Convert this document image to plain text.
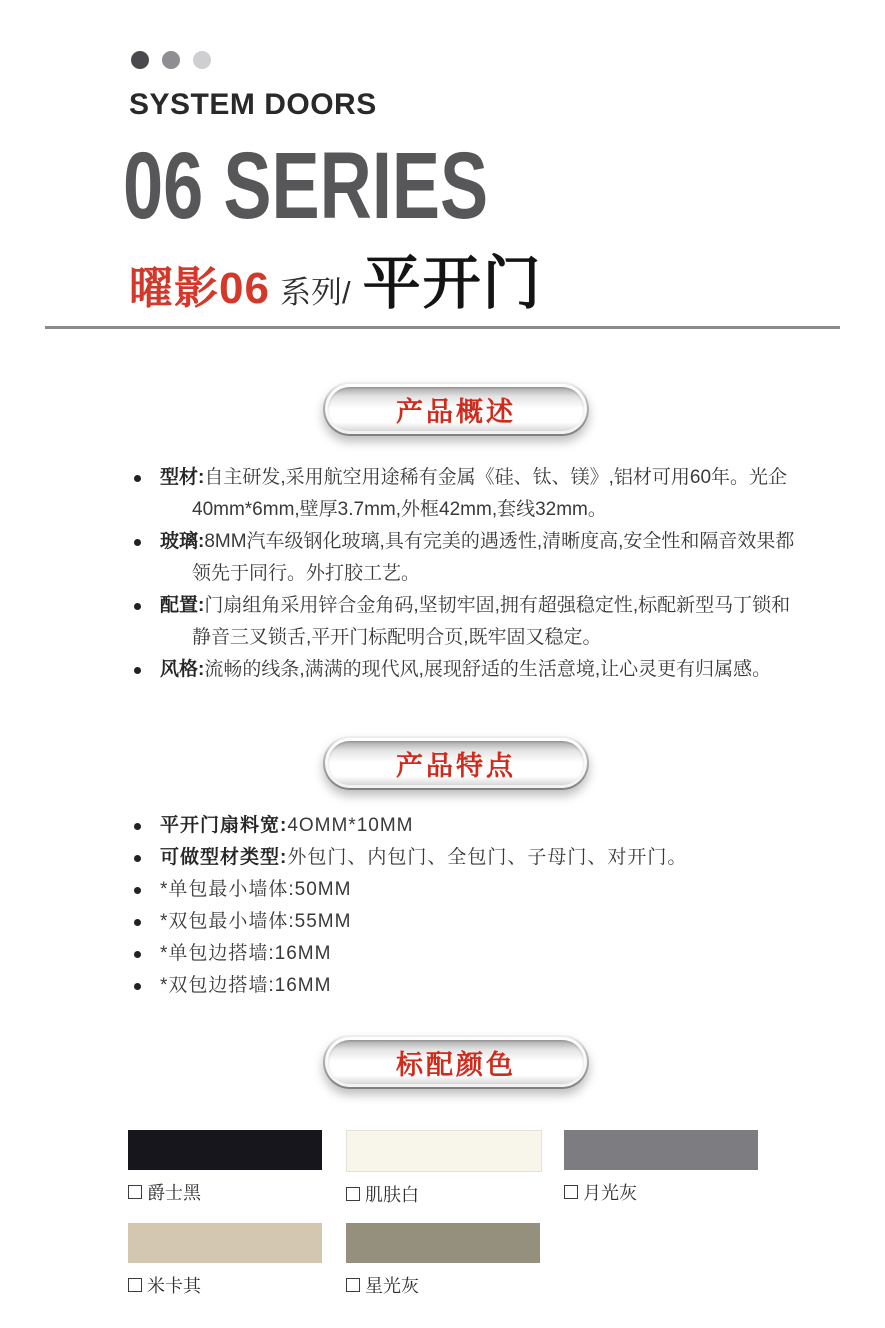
SYSTEM DOORS
06 SERIES
曜影06 系列/ 平开门
产品概述
型材:自主研发,采用航空用途稀有金属《硅、钛、镁》,铝材可用60年。光企
40mm*6mm,壁厚3.7mm,外框42mm,套线32mm。
玻璃:8MM汽车级钢化玻璃,具有完美的遇透性,清晰度高,安全性和隔音效果都
领先于同行。外打胶工艺。
配置:门扇组角采用锌合金角码,坚韧牢固,拥有超强稳定性,标配新型马丁锁和
静音三叉锁舌,平开门标配明合页,既牢固又稳定。
风格:流畅的线条,满满的现代风,展现舒适的生活意境,让心灵更有归属感。
产品特点
平开门扇料宽:4OMM*10MM
可做型材类型:外包门、内包门、全包门、子母门、对开门。
*单包最小墙体:50MM
*双包最小墙体:55MM
*单包边搭墙:16MM
*双包边搭墙:16MM
标配颜色
爵士黑	肌肤白	月光灰
米卡其	星光灰
